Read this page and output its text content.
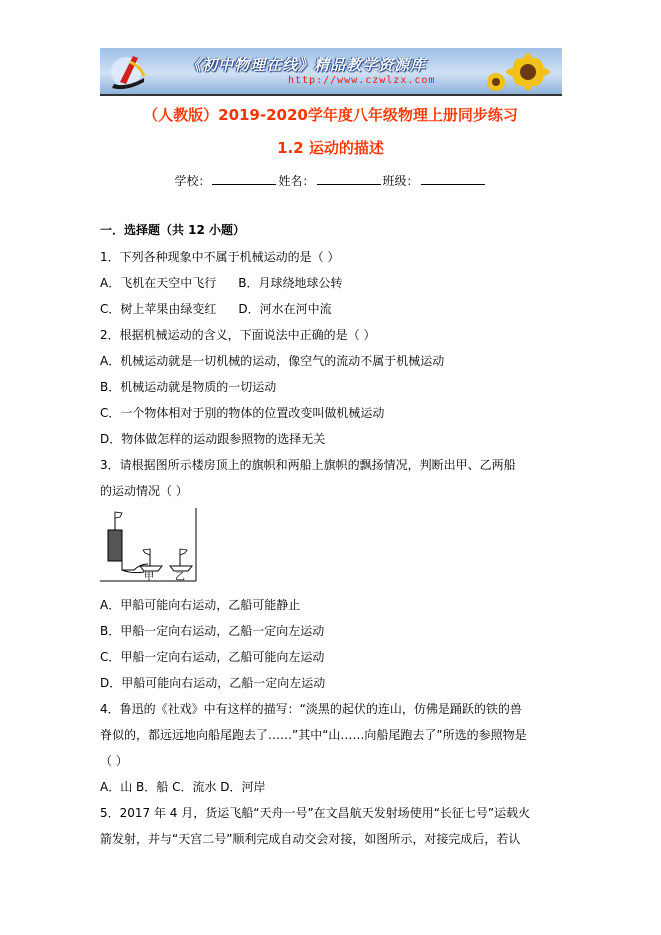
《初中物理在线》精品教学资源库
http://www.czwlzx.com
（人教版）2019-2020学年度八年级物理上册同步练习
1.2 运动的描述
学校：	姓名：	班级：
一．选择题（共 12 小题）
1．下列各种现象中不属于机械运动的是（ ）
A．飞机在天空中飞行 B．月球绕地球公转
C．树上苹果由绿变红 D．河水在河中流
2．根据机械运动的含义，下面说法中正确的是（ ）
A．机械运动就是一切机械的运动，像空气的流动不属于机械运动
B．机械运动就是物质的一切运动
C．一个物体相对于别的物体的位置改变叫做机械运动
D．物体做怎样的运动跟参照物的选择无关
3．请根据图所示楼房顶上的旗帜和两船上旗帜的飘扬情况，判断出甲、乙两船
的运动情况（ ）
甲 乙
A．甲船可能向右运动，乙船可能静止
B．甲船一定向右运动，乙船一定向左运动
C．甲船一定向右运动，乙船可能向左运动
D．甲船可能向右运动，乙船一定向左运动
4．鲁迅的《社戏》中有这样的描写：“淡黑的起伏的连山，仿佛是踊跃的铁的兽
脊似的，都远远地向船尾跑去了……”其中“山……向船尾跑去了”所选的参照物是
（ ）
A．山 B．船 C．流水 D．河岸
5．2017 年 4 月，货运飞船“天舟一号”在文昌航天发射场使用“长征七号”运载火
箭发射，并与“天宫二号”顺利完成自动交会对接，如图所示，对接完成后，若认
